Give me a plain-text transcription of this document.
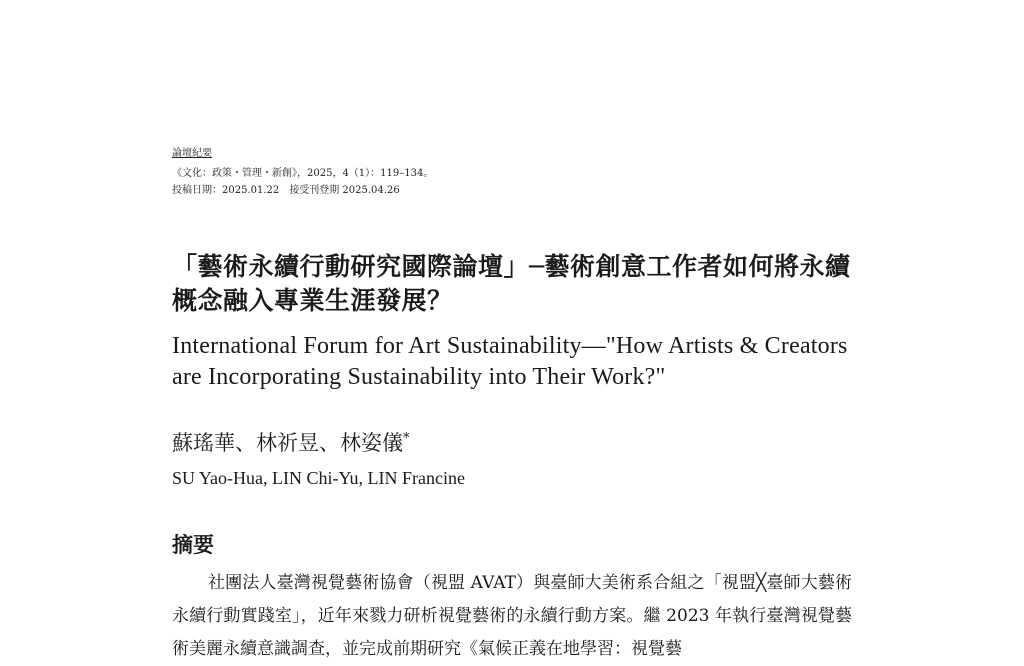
論壇紀要
《文化：政策・管理・新創》，2025，4（1）：119–134。
投稿日期：2025.01.22　接受刊登期 2025.04.26
「藝術永續行動研究國際論壇」─藝術創意工作者如何將永續概念融入專業生涯發展？
International Forum for Art Sustainability—"How Artists & Creators are Incorporating Sustainability into Their Work?"
蘇瑤華、林祈昱、林姿儀*
SU Yao-Hua, LIN Chi-Yu, LIN Francine
摘要
社團法人臺灣視覺藝術協會（視盟 AVAT）與臺師大美術系合組之「視盟╳臺師大藝術永續行動實踐室」，近年來戮力研析視覺藝術的永續行動方案。繼 2023 年執行臺灣視覺藝術美麗永續意識調查，並完成前期研究《氣候正義在地學習：視覺藝
